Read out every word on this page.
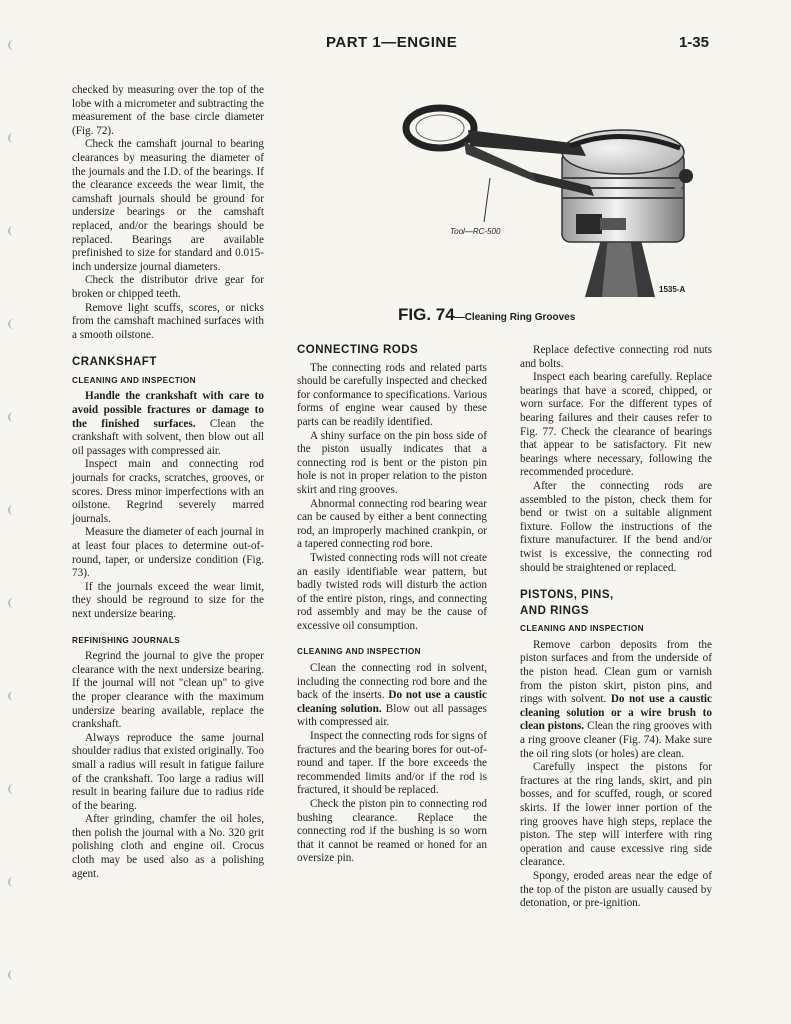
PART 1—ENGINE	1-35
Tool—RC-500
1535-A
FIG. 74—Cleaning Ring Grooves

checked by measuring over the top of the lobe with a micrometer and subtracting the measurement of the base circle diameter (Fig. 72).

Check the camshaft journal to bearing clearances by measuring the diameter of the journals and the I.D. of the bearings. If the clearance exceeds the wear limit, the camshaft journals should be ground for undersize bearings or the camshaft replaced, and/or the bearings should be replaced. Bearings are available prefinished to size for standard and 0.015-inch undersize journal diameters.

Check the distributor drive gear for broken or chipped teeth.

Remove light scuffs, scores, or nicks from the camshaft machined surfaces with a smooth oilstone.

CRANKSHAFT
CLEANING AND INSPECTION

Handle the crankshaft with care to avoid possible fractures or damage to the finished surfaces. Clean the crankshaft with solvent, then blow out all oil passages with compressed air.

Inspect main and connecting rod journals for cracks, scratches, grooves, or scores. Dress minor imperfections with an oilstone. Regrind severely marred journals.

Measure the diameter of each journal in at least four places to determine out-of-round, taper, or undersize condition (Fig. 73).

If the journals exceed the wear limit, they should be reground to size for the next undersize bearing.

REFINISHING JOURNALS

Regrind the journal to give the proper clearance with the next undersize bearing. If the journal will not "clean up" to give the proper clearance with the maximum undersize bearing available, replace the crankshaft.

Always reproduce the same journal shoulder radius that existed originally. Too small a radius will result in fatigue failure of the crankshaft. Too large a radius will result in bearing failure due to radius ride of the bearing.

After grinding, chamfer the oil holes, then polish the journal with a No. 320 grit polishing cloth and engine oil. Crocus cloth may be used also as a polishing agent.

CONNECTING RODS

The connecting rods and related parts should be carefully inspected and checked for conformance to specifications. Various forms of engine wear caused by these parts can be readily identified.

A shiny surface on the pin boss side of the piston usually indicates that a connecting rod is bent or the piston pin hole is not in proper relation to the piston skirt and ring grooves.

Abnormal connecting rod bearing wear can be caused by either a bent connecting rod, an improperly machined crankpin, or a tapered connecting rod bore.

Twisted connecting rods will not create an easily identifiable wear pattern, but badly twisted rods will disturb the action of the entire piston, rings, and connecting rod assembly and may be the cause of excessive oil consumption.

CLEANING AND INSPECTION

Clean the connecting rod in solvent, including the connecting rod bore and the back of the inserts. Do not use a caustic cleaning solution. Blow out all passages with compressed air.

Inspect the connecting rods for signs of fractures and the bearing bores for out-of-round and taper. If the bore exceeds the recommended limits and/or if the rod is fractured, it should be replaced.

Check the piston pin to connecting rod bushing clearance. Replace the connecting rod if the bushing is so worn that it cannot be reamed or honed for an oversize pin.

Replace defective connecting rod nuts and bolts.

Inspect each bearing carefully. Replace bearings that have a scored, chipped, or worn surface. For the different types of bearing failures and their causes refer to Fig. 77. Check the clearance of bearings that appear to be satisfactory. Fit new bearings where necessary, following the recommended procedure.

After the connecting rods are assembled to the piston, check them for bend or twist on a suitable alignment fixture. Follow the instructions of the fixture manufacturer. If the bend and/or twist is excessive, the connecting rod should be straightened or replaced.

PISTONS, PINS,
AND RINGS
CLEANING AND INSPECTION

Remove carbon deposits from the piston surfaces and from the underside of the piston head. Clean gum or varnish from the piston skirt, piston pins, and rings with solvent. Do not use a caustic cleaning solution or a wire brush to clean pistons. Clean the ring grooves with a ring groove cleaner (Fig. 74). Make sure the oil ring slots (or holes) are clean.

Carefully inspect the pistons for fractures at the ring lands, skirt, and pin bosses, and for scuffed, rough, or scored skirts. If the lower inner portion of the ring grooves have high steps, replace the piston. The step will interfere with ring operation and cause excessive ring side clearance.

Spongy, eroded areas near the edge of the top of the piston are usually caused by detonation, or pre-ignition.
